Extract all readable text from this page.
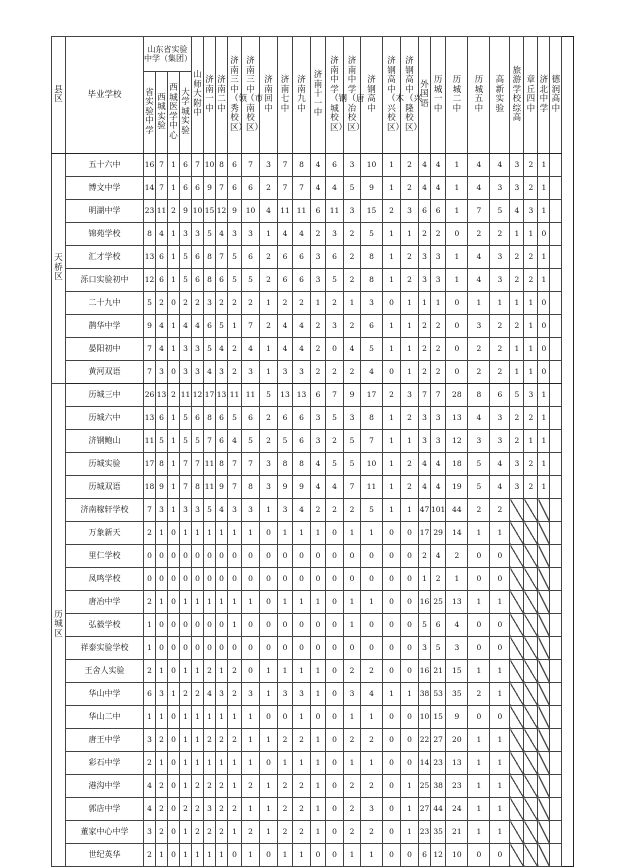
县区	毕业学校	山东省实验中学（集团）				山师大附中	济南一中	济南二中	济南三中（领秀校区）	济南三中（市南校区）	济南回中	济南七中	济南九中	济南十一中	济南中学（钢城校区）	济南中学（唐冶校区）	济钢高中	济钢高中（木兴校区）	济钢高中（兴隆校区）	外国语	历城一中	历城二中	历城五中	高新实验	旅游学校综高	章丘四中	济北中学	德润高中
		省实验中学	西城实验	西城医学中心	大学城实验																							
天桥区	五十六中	16	7	1	6	7	10	8	6	7	3	7	8	4	6	3	10	1	2	4	4	1	4	4	3	2	1	
	博文中学	14	7	1	6	6	9	7	6	6	2	7	7	4	4	5	9	1	2	4	4	1	4	3	3	2	1	
	明湖中学	23	11	2	9	10	15	12	9	10	4	11	11	6	11	3	15	2	3	6	6	1	7	5	4	3	1	
	锦苑学校	8	4	1	3	3	5	4	3	3	1	4	4	2	3	2	5	1	1	2	2	0	2	2	1	1	0	
	汇才学校	13	6	1	5	6	8	7	5	6	2	6	6	3	6	2	8	1	2	3	3	1	4	3	2	2	1	
	泺口实验初中	12	6	1	5	6	8	6	5	5	2	6	6	3	5	2	8	1	2	3	3	1	4	3	2	2	1	
	二十九中	5	2	0	2	2	3	2	2	2	1	2	2	1	2	1	3	0	1	1	1	0	1	1	1	1	0	
	鹊华中学	9	4	1	4	4	6	5	1	7	2	4	4	2	3	2	6	1	1	2	2	0	3	2	2	1	0	
	晏阳初中	7	4	1	3	3	5	4	2	4	1	4	4	2	0	4	5	1	1	2	2	0	2	2	1	1	0	
	黄河双语	7	3	0	3	3	4	3	2	3	1	3	3	2	2	2	4	0	1	2	2	0	2	2	1	1	0	
历城区	历城三中	26	13	2	11	12	17	13	11	11	5	13	13	6	7	9	17	2	3	7	7	28	8	6	5	3	1	
	历城六中	13	6	1	5	6	8	6	5	6	2	6	6	3	5	3	8	1	2	3	3	13	4	3	2	2	1	
	济钢鲍山	11	5	1	5	5	7	6	4	5	2	5	6	3	2	5	7	1	1	3	3	12	3	3	2	1	1	
	历城实验	17	8	1	7	7	11	8	7	7	3	8	8	4	5	5	10	1	2	4	4	18	5	4	3	2	1	
	历城双语	18	9	1	7	8	11	9	7	8	3	9	9	4	4	7	11	1	2	4	4	19	5	4	3	2	1	
	济南稼轩学校	7	3	1	3	3	5	4	3	3	1	3	4	2	2	2	5	1	1	47	101	44	2	2				
	万象新天	2	1	0	1	1	1	1	1	1	0	1	1	1	0	1	1	0	0	17	29	14	1	1				
	里仁学校	0	0	0	0	0	0	0	0	0	0	0	0	0	0	0	0	0	0	2	4	2	0	0				
	凤鸣学校	0	0	0	0	0	0	0	0	0	0	0	0	0	0	0	0	0	0	1	2	1	0	0				
	唐冶中学	2	1	0	1	1	1	1	1	1	0	1	1	1	0	1	1	0	0	16	25	13	1	1				
	弘毅学校	1	0	0	0	0	0	0	1	0	0	0	0	0	0	1	0	0	0	5	6	4	0	0				
	祥泰实验学校	1	0	0	0	0	0	0	0	0	0	0	0	0	0	0	0	0	0	3	5	3	0	0				
	王舍人实验	2	1	0	1	1	2	1	2	0	1	1	1	1	0	2	2	0	0	16	21	15	1	1				
	华山中学	6	3	1	2	2	4	3	2	3	1	3	3	1	0	3	4	1	1	38	53	35	2	1				
	华山二中	1	1	0	1	1	1	1	1	1	0	0	1	0	0	1	1	0	0	10	15	9	0	0				
	唐王中学	3	2	0	1	1	2	2	2	1	1	2	2	1	0	2	2	0	0	22	27	20	1	1				
	彩石中学	2	1	0	1	1	1	1	1	1	0	1	1	1	0	1	1	0	0	14	23	13	1	1				
	港沟中学	4	2	0	1	2	2	2	1	2	1	2	2	1	0	2	2	0	1	25	38	23	1	1				
	郭店中学	4	2	0	2	2	3	2	2	1	1	2	2	1	0	2	3	0	1	27	44	24	1	1				
	董家中心中学	3	2	0	1	2	2	2	1	2	1	2	2	1	0	2	2	0	1	23	35	21	1	1				
	世纪英华	2	1	0	1	1	1	1	0	1	0	1	1	0	0	1	1	0	0	6	12	10	0	0				
